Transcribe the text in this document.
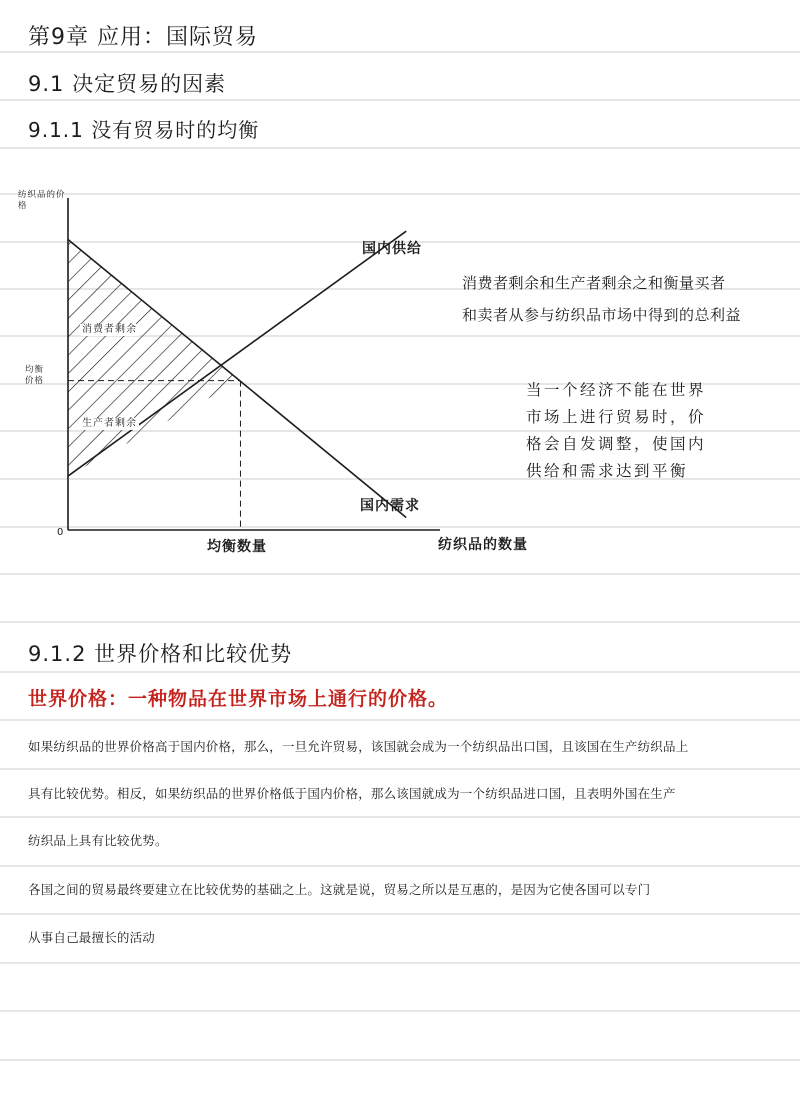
第9章 应用：国际贸易
9.1 决定贸易的因素
9.1.1 没有贸易时的均衡
纺织品的价格
纺织品的数量
0
均衡数量
均衡价格
国内供给
国内需求
消费者剩余
生产者剩余
消费者剩余和生产者剩余之和衡量买者
和卖者从参与纺织品市场中得到的总利益
当一个经济不能在世界
市场上进行贸易时，价
格会自发调整，使国内
供给和需求达到平衡
9.1.2 世界价格和比较优势
世界价格：一种物品在世界市场上通行的价格。
如果纺织品的世界价格高于国内价格，那么，一旦允许贸易，该国就会成为一个纺织品出口国，且该国在生产纺织品上
具有比较优势。相反，如果纺织品的世界价格低于国内价格，那么该国就成为一个纺织品进口国，且表明外国在生产
纺织品上具有比较优势。
各国之间的贸易最终要建立在比较优势的基础之上。这就是说，贸易之所以是互惠的，是因为它使各国可以专门
从事自己最擅长的活动
